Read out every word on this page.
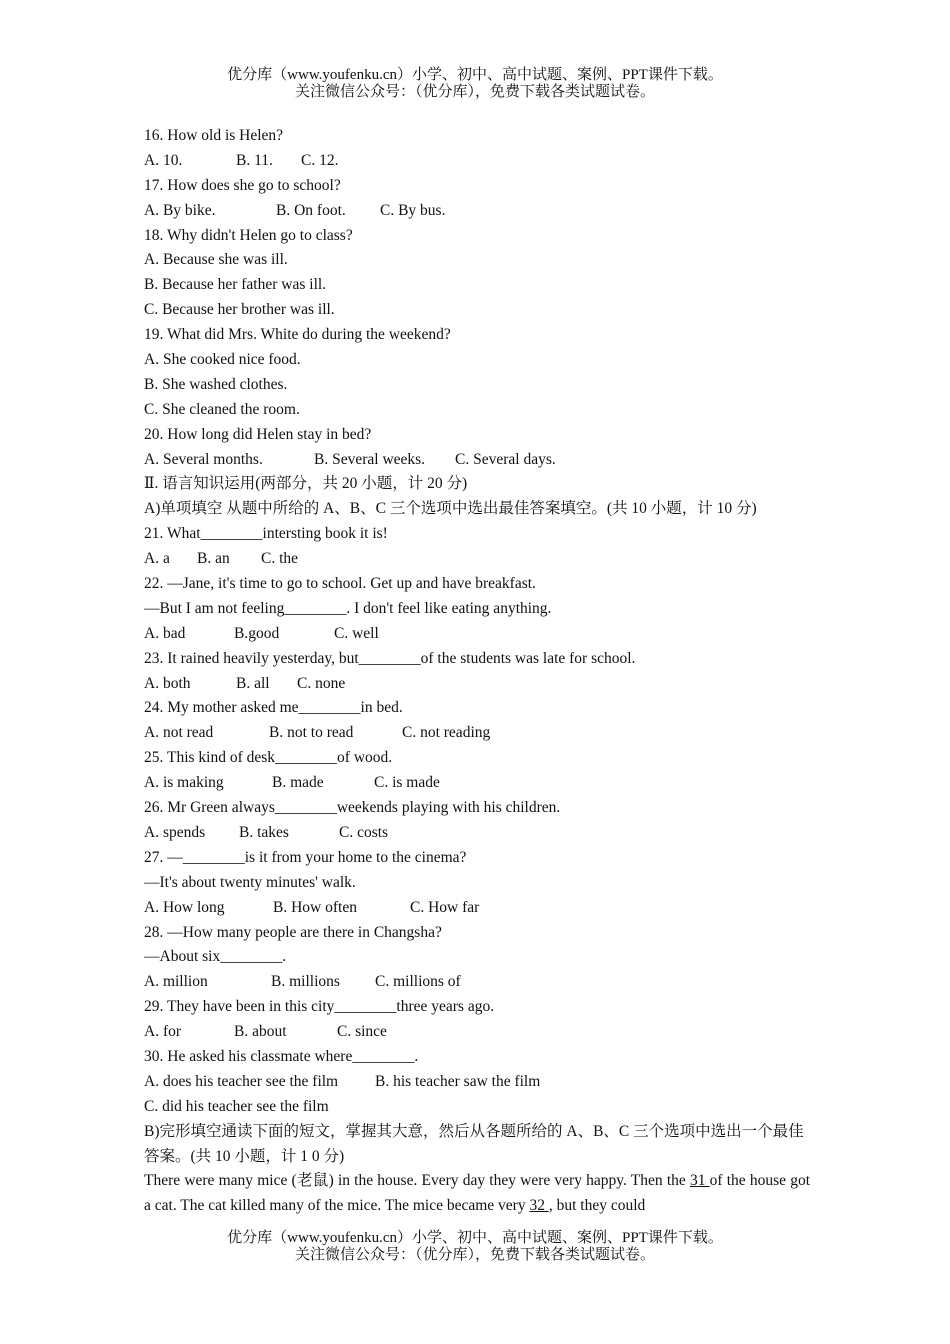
优分库（www.youfenku.cn）小学、初中、高中试题、案例、PPT课件下载。
关注微信公众号：（优分库），免费下载各类试题试卷。
16. How old is Helen?
A. 10.	B. 11. C. 12.
17. How does she go to school?
A. By bike.	B. On foot. C. By bus.
18. Why didn't Helen go to class?
A. Because she was ill.
B. Because her father was ill.
C. Because her brother was ill.
19. What did Mrs. White do during the weekend?
A. She cooked nice food.
B. She washed clothes.
C. She cleaned the room.
20. How long did Helen stay in bed?
A. Several months.	B. Several weeks. C. Several days.
Ⅱ. 语言知识运用(两部分，共 20 小题，计 20 分)
A)单项填空 从题中所给的 A、B、C 三个选项中选出最佳答案填空。(共 10 小题，计 10 分)
21. What________intersting book it is!
A. a B. an C. the
22. —Jane, it's time to go to school. Get up and have breakfast.
—But I am not feeling________. I don't feel like eating anything.
A. bad	B.good	C. well
23. It rained heavily yesterday, but________of the students was late for school.
A. both	B. all C. none
24. My mother asked me________in bed.
A. not read	B. not to read	C. not reading
25. This kind of desk________of wood.
A. is making	B. made	C. is made
26. Mr Green always________weekends playing with his children.
A. spends B. takes	C. costs
27. —________is it from your home to the cinema?
—It's about twenty minutes' walk.
A. How long	B. How often	C. How far
28. —How many people are there in Changsha?
—About six________.
A. million	B. millions C. millions of
29. They have been in this city________three years ago.
A. for	B. about	C. since
30. He asked his classmate where________.
A. does his teacher see the film B. his teacher saw the film
C. did his teacher see the film
B)完形填空通读下面的短文，掌握其大意，然后从各题所给的 A、B、C 三个选项中选出一个最佳答案。(共 10 小题，计 1 0 分)
There were many mice (老鼠) in the house. Every day they were very happy. Then the 31 of the house got a cat. The cat killed many of the mice. The mice became very 32 , but they could
优分库（www.youfenku.cn）小学、初中、高中试题、案例、PPT课件下载。
关注微信公众号：（优分库），免费下载各类试题试卷。
